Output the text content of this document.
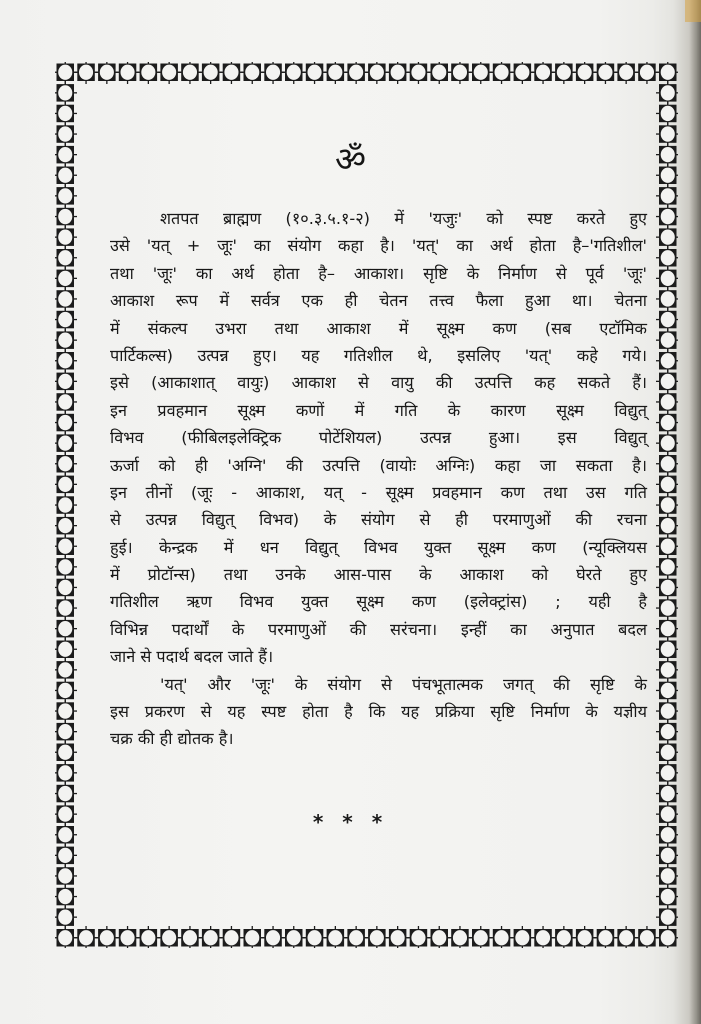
ॐ
शतपत ब्राह्मण (१०.३.५.१-२) में 'यजुः' को स्पष्ट करते हुए
उसे 'यत् + जूः' का संयोग कहा है। 'यत्' का अर्थ होता है–'गतिशील'
तथा 'जूः' का अर्थ होता है– आकाश। सृष्टि के निर्माण से पूर्व 'जूः'
आकाश रूप में सर्वत्र एक ही चेतन तत्त्व फैला हुआ था। चेतना
में संकल्प उभरा तथा आकाश में सूक्ष्म कण (सब एटॉमिक
पार्टिकल्स) उत्पन्न हुए। यह गतिशील थे, इसलिए 'यत्' कहे गये।
इसे (आकाशात् वायुः) आकाश से वायु की उत्पत्ति कह सकते हैं।
इन प्रवहमान सूक्ष्म कणों में गति के कारण सूक्ष्म विद्युत्
विभव (फीबिलइलेक्ट्रिक पोटेंशियल) उत्पन्न हुआ। इस विद्युत्
ऊर्जा को ही 'अग्नि' की उत्पत्ति (वायोः अग्निः) कहा जा सकता है।
इन तीनों (जूः - आकाश, यत् - सूक्ष्म प्रवहमान कण तथा उस गति
से उत्पन्न विद्युत् विभव) के संयोग से ही परमाणुओं की रचना
हुई। केन्द्रक में धन विद्युत् विभव युक्त सूक्ष्म कण (न्यूक्लियस
में प्रोटॉन्स) तथा उनके आस-पास के आकाश को घेरते हुए
गतिशील ऋण विभव युक्त सूक्ष्म कण (इलेक्ट्रांस) ; यही है
विभिन्न पदार्थों के परमाणुओं की सरंचना। इन्हीं का अनुपात बदल
जाने से पदार्थ बदल जाते हैं।
'यत्' और 'जूः' के संयोग से पंचभूतात्मक जगत् की सृष्टि के
इस प्रकरण से यह स्पष्ट होता है कि यह प्रक्रिया सृष्टि निर्माण के यज्ञीय
चक्र की ही द्योतक है।
* * *
